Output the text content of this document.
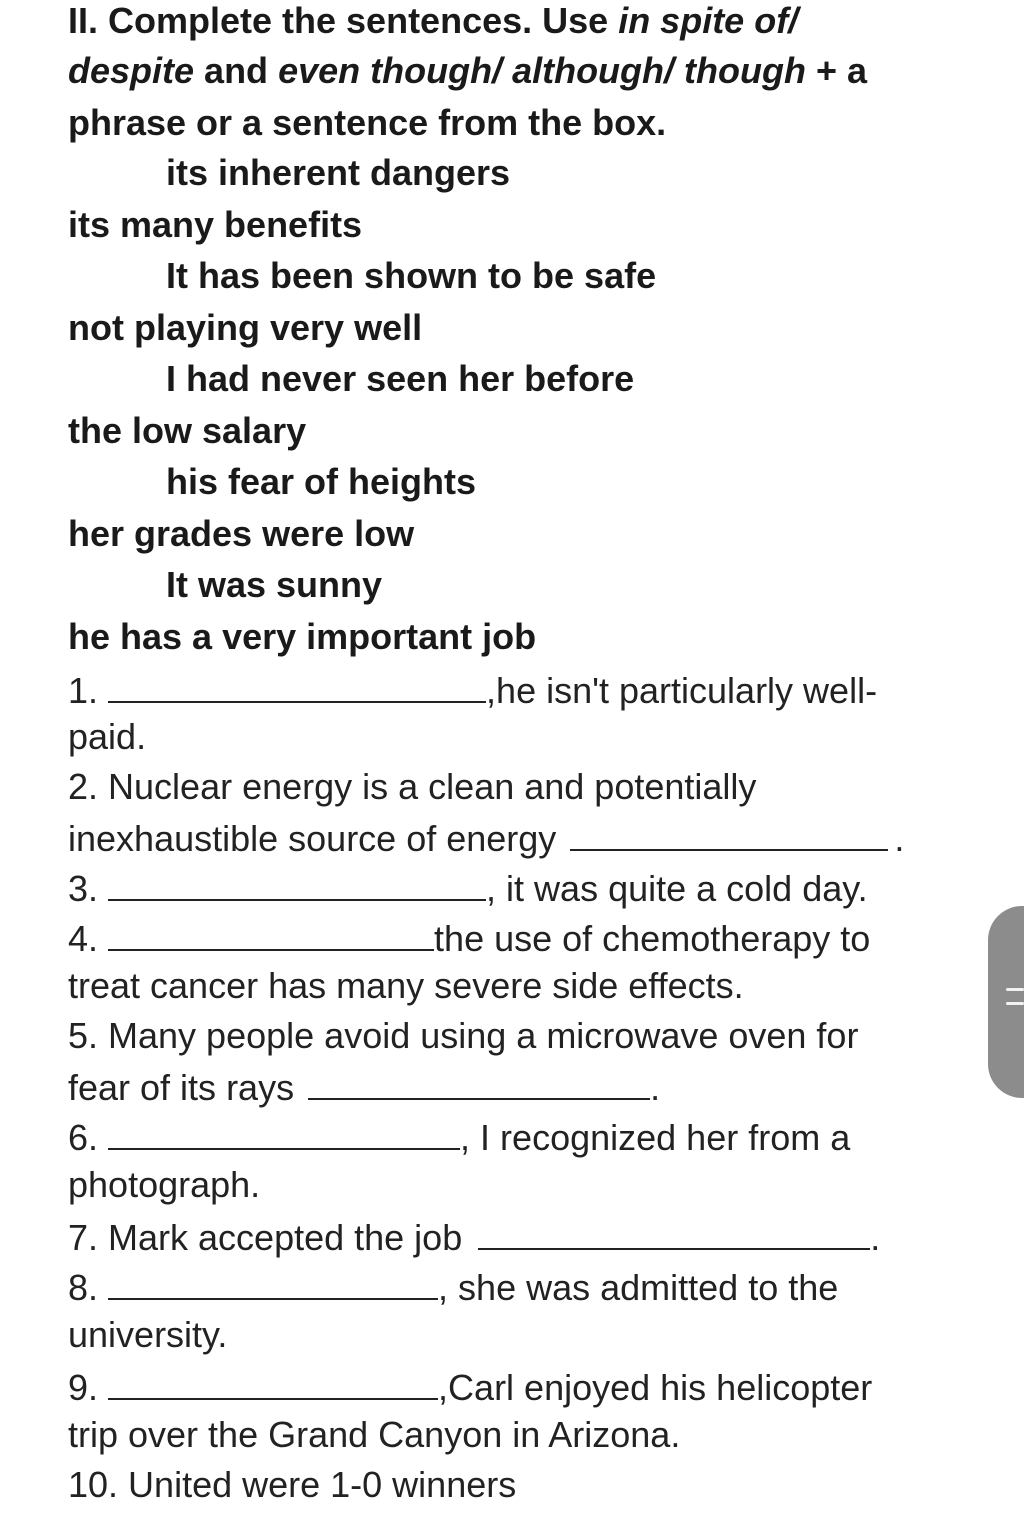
II. Complete the sentences. Use in spite of/
despite and even though/ although/ though + a
phrase or a sentence from the box.
its inherent dangers
its many benefits
It has been shown to be safe
not playing very well
I had never seen her before
the low salary
his fear of heights
her grades were low
It was sunny
he has a very important job
1.	,he isn't particularly well-
paid.
2. Nuclear energy is a clean and potentially
inexhaustible source of energy	.
3.	, it was quite a cold day.
4.	the use of chemotherapy to
treat cancer has many severe side effects.
5. Many people avoid using a microwave oven for
fear of its rays	.
6.	, I recognized her from a
photograph.
7. Mark accepted the job	.
8.	, she was admitted to the
university.
9.	,Carl enjoyed his helicopter
trip over the Grand Canyon in Arizona.
10. United were 1-0 winners
